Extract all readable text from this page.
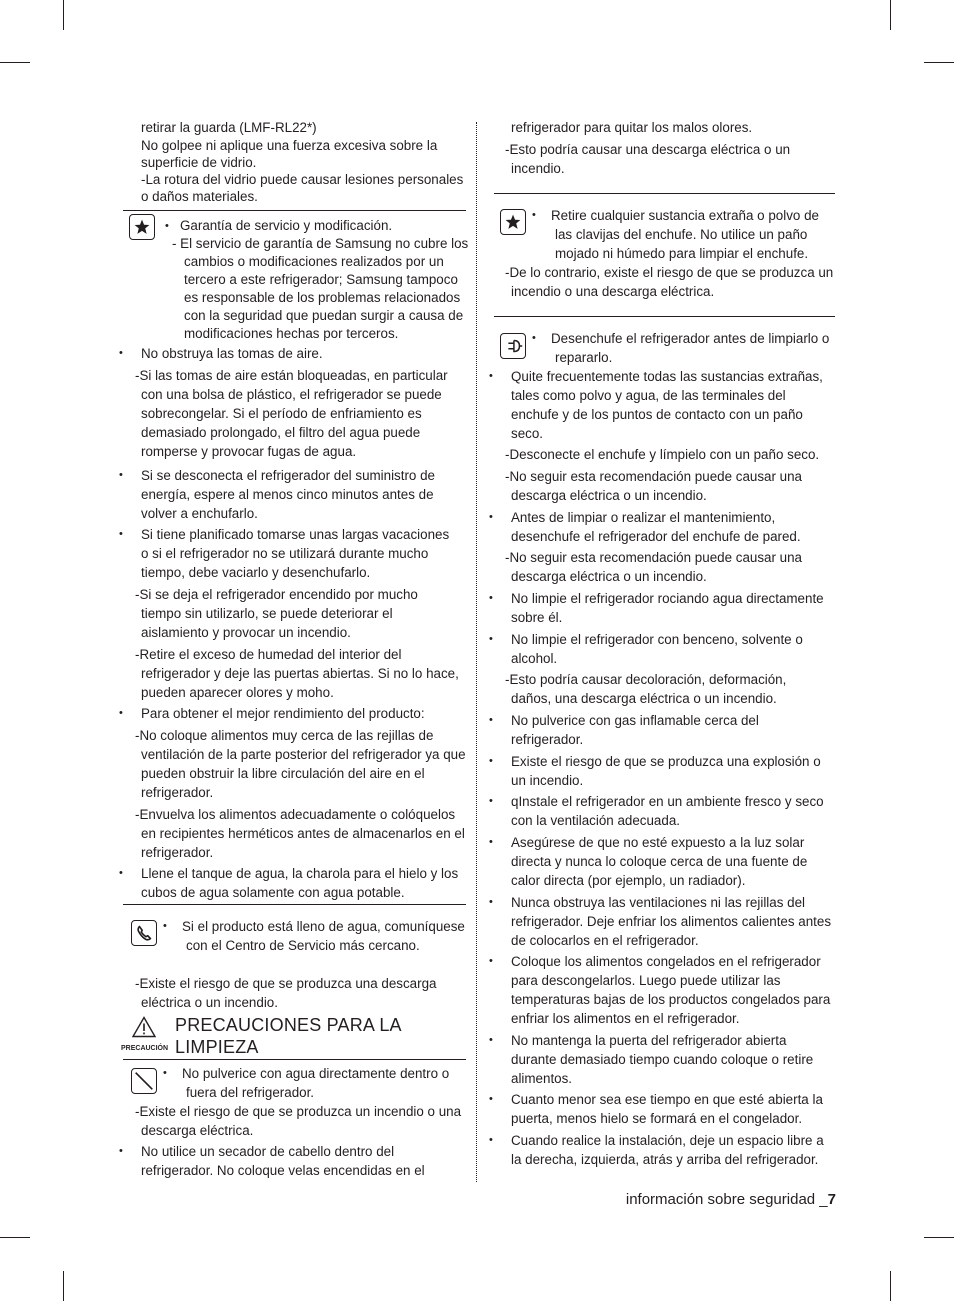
retirar la guarda (LMF-RL22*)

No golpee ni aplique una fuerza excesiva sobre la superficie de vidrio.

-La rotura del vidrio puede causar lesiones personales o daños materiales.

• Garantía de servicio y modificación.

- El servicio de garantía de Samsung no cubre los cambios o modificaciones realizados por un tercero a este refrigerador; Samsung tampoco es responsable de los problemas relacionados con la seguridad que puedan surgir a causa de modificaciones hechas por terceros.

• No obstruya las tomas de aire.

-Si las tomas de aire están bloqueadas, en particular con una bolsa de plástico, el refrigerador se puede sobrecongelar. Si el período de enfriamiento es demasiado prolongado, el filtro del agua puede romperse y provocar fugas de agua.

• Si se desconecta el refrigerador del suministro de energía, espere al menos cinco minutos antes de volver a enchufarlo.

• Si tiene planificado tomarse unas largas vacaciones o si el refrigerador no se utilizará durante mucho tiempo, debe vaciarlo y desenchufarlo.

-Si se deja el refrigerador encendido por mucho tiempo sin utilizarlo, se puede deteriorar el aislamiento y provocar un incendio.

-Retire el exceso de humedad del interior del refrigerador y deje las puertas abiertas. Si no lo hace, pueden aparecer olores y moho.

• Para obtener el mejor rendimiento del producto:

-No coloque alimentos muy cerca de las rejillas de ventilación de la parte posterior del refrigerador ya que pueden obstruir la libre circulación del aire en el refrigerador.

-Envuelva los alimentos adecuadamente o colóquelos en recipientes herméticos antes de almacenarlos en el refrigerador.

• Llene el tanque de agua, la charola para el hielo y los cubos de agua solamente con agua potable.

• Si el producto está lleno de agua, comuníquese con el Centro de Servicio más cercano.

-Existe el riesgo de que se produzca una descarga eléctrica o un incendio.

PRECAUCIÓN
PRECAUCIONES PARA LA
LIMPIEZA

• No pulverice con agua directamente dentro o fuera del refrigerador.

-Existe el riesgo de que se produzca un incendio o una descarga eléctrica.

• No utilice un secador de cabello dentro del refrigerador. No coloque velas encendidas en el

refrigerador para quitar los malos olores.

-Esto podría causar una descarga eléctrica o un incendio.

• Retire cualquier sustancia extraña o polvo de las clavijas del enchufe. No utilice un paño mojado ni húmedo para limpiar el enchufe.

-De lo contrario, existe el riesgo de que se produzca un incendio o una descarga eléctrica.

• Desenchufe el refrigerador antes de limpiarlo o repararlo.

• Quite frecuentemente todas las sustancias extrañas, tales como polvo y agua, de las terminales del enchufe y de los puntos de contacto con un paño seco.

-Desconecte el enchufe y límpielo con un paño seco.

-No seguir esta recomendación puede causar una descarga eléctrica o un incendio.

• Antes de limpiar o realizar el mantenimiento, desenchufe el refrigerador del enchufe de pared.

-No seguir esta recomendación puede causar una descarga eléctrica o un incendio.

• No limpie el refrigerador rociando agua directamente sobre él.

• No limpie el refrigerador con benceno, solvente o alcohol.

-Esto podría causar decoloración, deformación, daños, una descarga eléctrica o un incendio.

• No pulverice con gas inflamable cerca del refrigerador.

• Existe el riesgo de que se produzca una explosión o un incendio.

• qInstale el refrigerador en un ambiente fresco y seco con la ventilación adecuada.

• Asegúrese de que no esté expuesto a la luz solar directa y nunca lo coloque cerca de una fuente de calor directa (por ejemplo, un radiador).

• Nunca obstruya las ventilaciones ni las rejillas del refrigerador. Deje enfriar los alimentos calientes antes de colocarlos en el refrigerador.

• Coloque los alimentos congelados en el refrigerador para descongelarlos. Luego puede utilizar las temperaturas bajas de los productos congelados para enfriar los alimentos en el refrigerador.

• No mantenga la puerta del refrigerador abierta durante demasiado tiempo cuando coloque o retire alimentos.

• Cuanto menor sea ese tiempo en que esté abierta la puerta, menos hielo se formará en el congelador.

• Cuando realice la instalación, deje un espacio libre a la derecha, izquierda, atrás y arriba del refrigerador.

información sobre seguridad _7
